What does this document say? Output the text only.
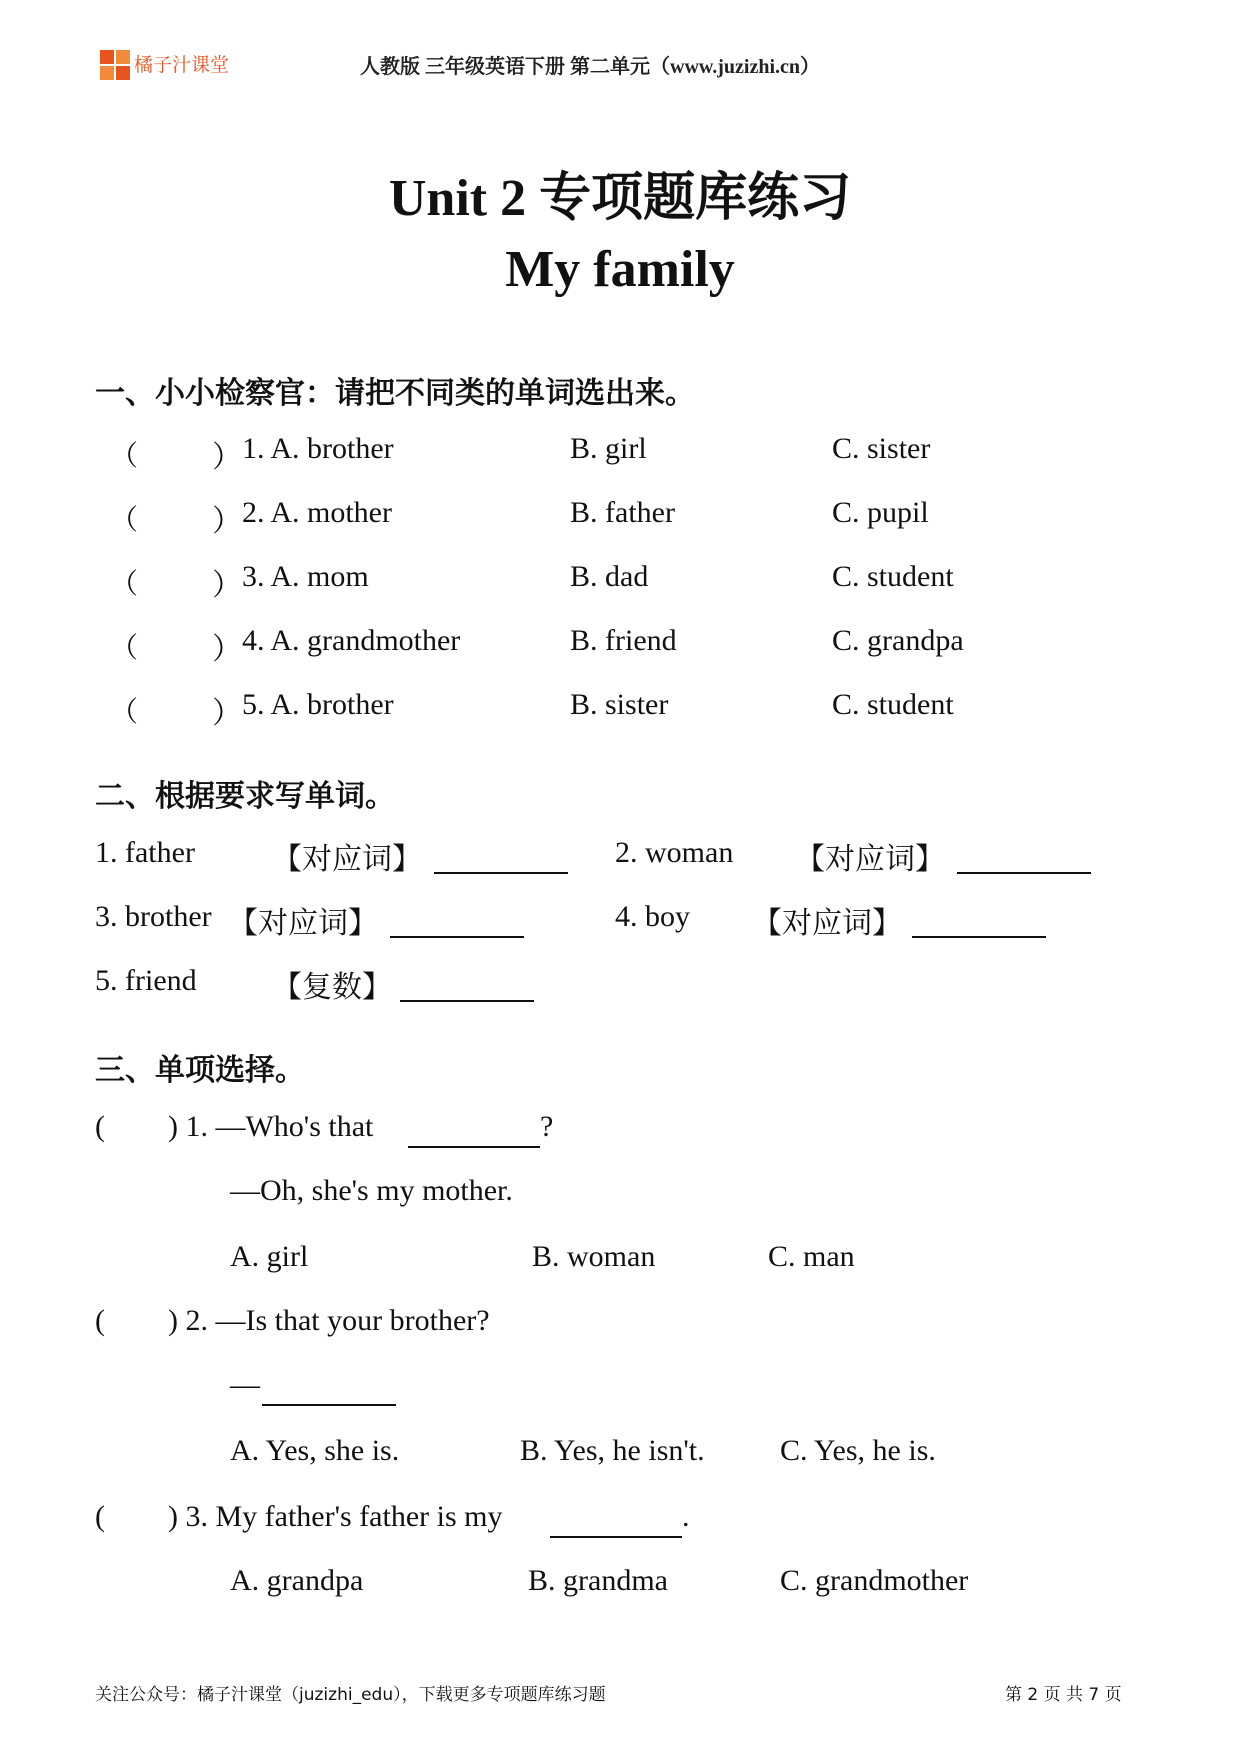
橘子汁课堂	人教版 三年级英语下册 第二单元（www.juzizhi.cn）
Unit 2 专项题库练习
My family
一、小小检察官：请把不同类的单词选出来。
（ ） 1. A. brother	B. girl	C. sister
（ ） 2. A. mother	B. father	C. pupil
（ ） 3. A. mom	B. dad	C. student
（ ） 4. A. grandmother	B. friend	C. grandpa
（ ） 5. A. brother	B. sister	C. student
二、根据要求写单词。
1. father	【对应词】	2. woman 【对应词】
3. brother 【对应词】	4. boy 【对应词】
5. friend	【复数】
三、单项选择。
( ) 1. —Who's that	?
—Oh, she's my mother.
A. girl	B. woman	C. man
( ) 2. —Is that your brother?
—
A. Yes, she is.	B. Yes, he isn't.	C. Yes, he is.
( ) 3. My father's father is my	.
A. grandpa	B. grandma	C. grandmother
关注公众号：橘子汁课堂（juzizhi_edu），下载更多专项题库练习题	第 2 页 共 7 页
